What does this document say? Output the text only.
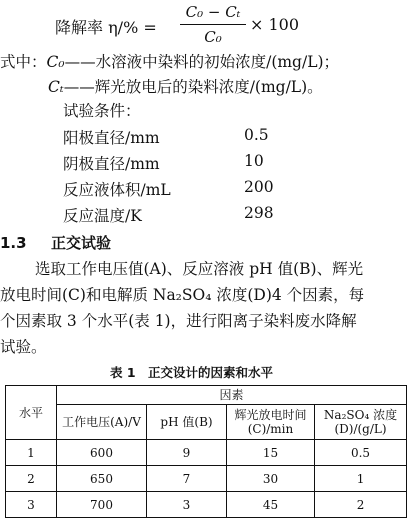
降解率 η/% =
C₀ − Cₜ
C₀
× 100
式中：C₀——水溶液中染料的初始浓度/(mg/L)；
Cₜ——辉光放电后的染料浓度/(mg/L)。
试验条件：
阳极直径/mm	0.5
阴极直径/mm	10
反应液体积/mL	200
反应温度/K	298
1.3 正交试验
选取工作电压值(A)、反应溶液 pH 值(B)、辉光
放电时间(C)和电解质 Na₂SO₄ 浓度(D)4 个因素，每
个因素取 3 个水平(表 1)，进行阳离子染料废水降解
试验。
表 1　正交设计的因素和水平
水平	因素			
	工作电压(A)/V	pH 值(B)	辉光放电时间(C)/min	Na₂SO₄ 浓度(D)/(g/L)
1	600	9	15	0.5
2	650	7	30	1
3	700	3	45	2
